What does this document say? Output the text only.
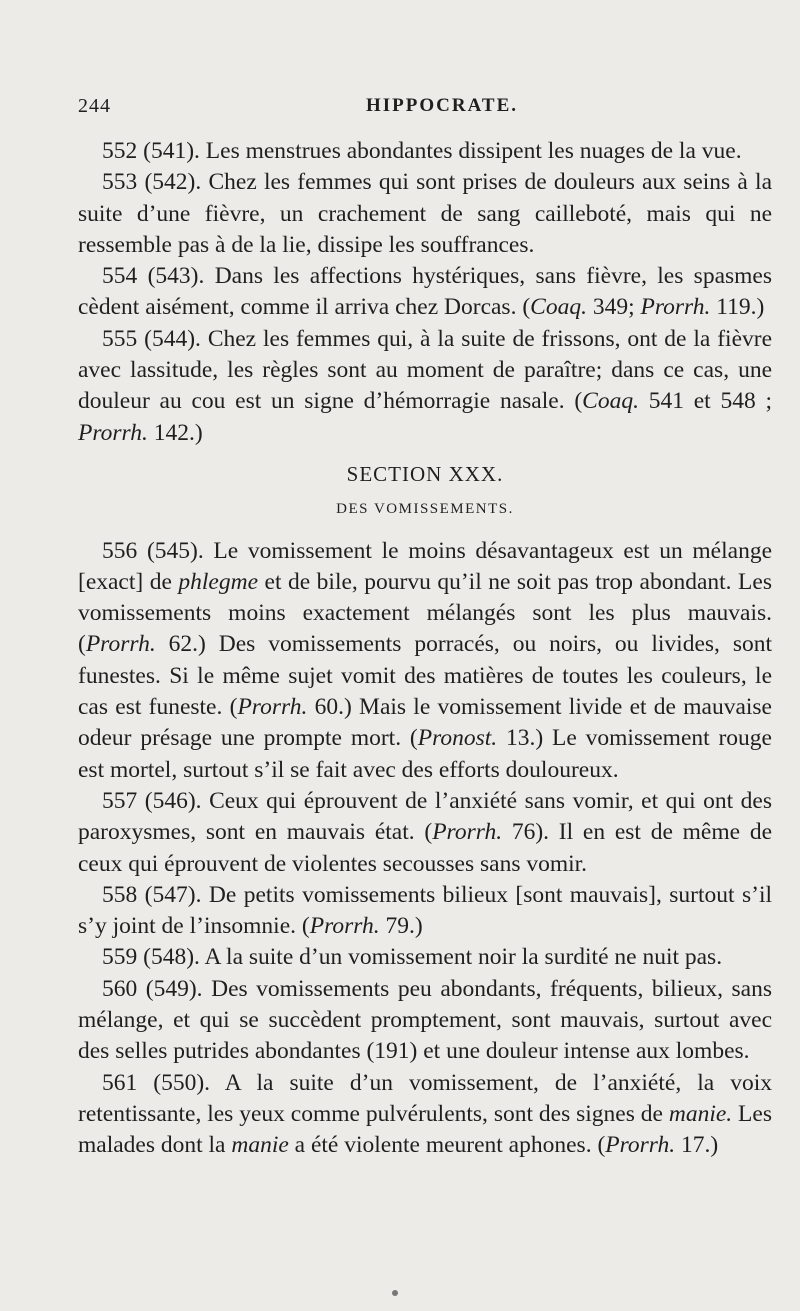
244	HIPPOCRATE.

552 (541). Les menstrues abondantes dissipent les nuages de la vue.

553 (542). Chez les femmes qui sont prises de douleurs aux seins à la suite d’une fièvre, un crachement de sang cailleboté, mais qui ne ressemble pas à de la lie, dissipe les souffrances.

554 (543). Dans les affections hystériques, sans fièvre, les spasmes cèdent aisément, comme il arriva chez Dorcas. (Coaq. 349; Prorrh. 119.)

555 (544). Chez les femmes qui, à la suite de frissons, ont de la fièvre avec lassitude, les règles sont au moment de paraître; dans ce cas, une douleur au cou est un signe d’hémorragie nasale. (Coaq. 541 et 548 ; Prorrh. 142.)

SECTION XXX.
DES VOMISSEMENTS.

556 (545). Le vomissement le moins désavantageux est un mélange [exact] de phlegme et de bile, pourvu qu’il ne soit pas trop abondant. Les vomissements moins exactement mélangés sont les plus mauvais. (Prorrh. 62.) Des vomissements porracés, ou noirs, ou livides, sont funestes. Si le même sujet vomit des matières de toutes les couleurs, le cas est funeste. (Prorrh. 60.) Mais le vomissement livide et de mauvaise odeur présage une prompte mort. (Pronost. 13.) Le vomissement rouge est mortel, surtout s’il se fait avec des efforts douloureux.

557 (546). Ceux qui éprouvent de l’anxiété sans vomir, et qui ont des paroxysmes, sont en mauvais état. (Prorrh. 76). Il en est de même de ceux qui éprouvent de violentes secousses sans vomir.

558 (547). De petits vomissements bilieux [sont mauvais], surtout s’il s’y joint de l’insomnie. (Prorrh. 79.)

559 (548). A la suite d’un vomissement noir la surdité ne nuit pas.

560 (549). Des vomissements peu abondants, fréquents, bilieux, sans mélange, et qui se succèdent promptement, sont mauvais, surtout avec des selles putrides abondantes (191) et une douleur intense aux lombes.

561 (550). A la suite d’un vomissement, de l’anxiété, la voix retentissante, les yeux comme pulvérulents, sont des signes de manie. Les malades dont la manie a été violente meurent aphones. (Prorrh. 17.)
